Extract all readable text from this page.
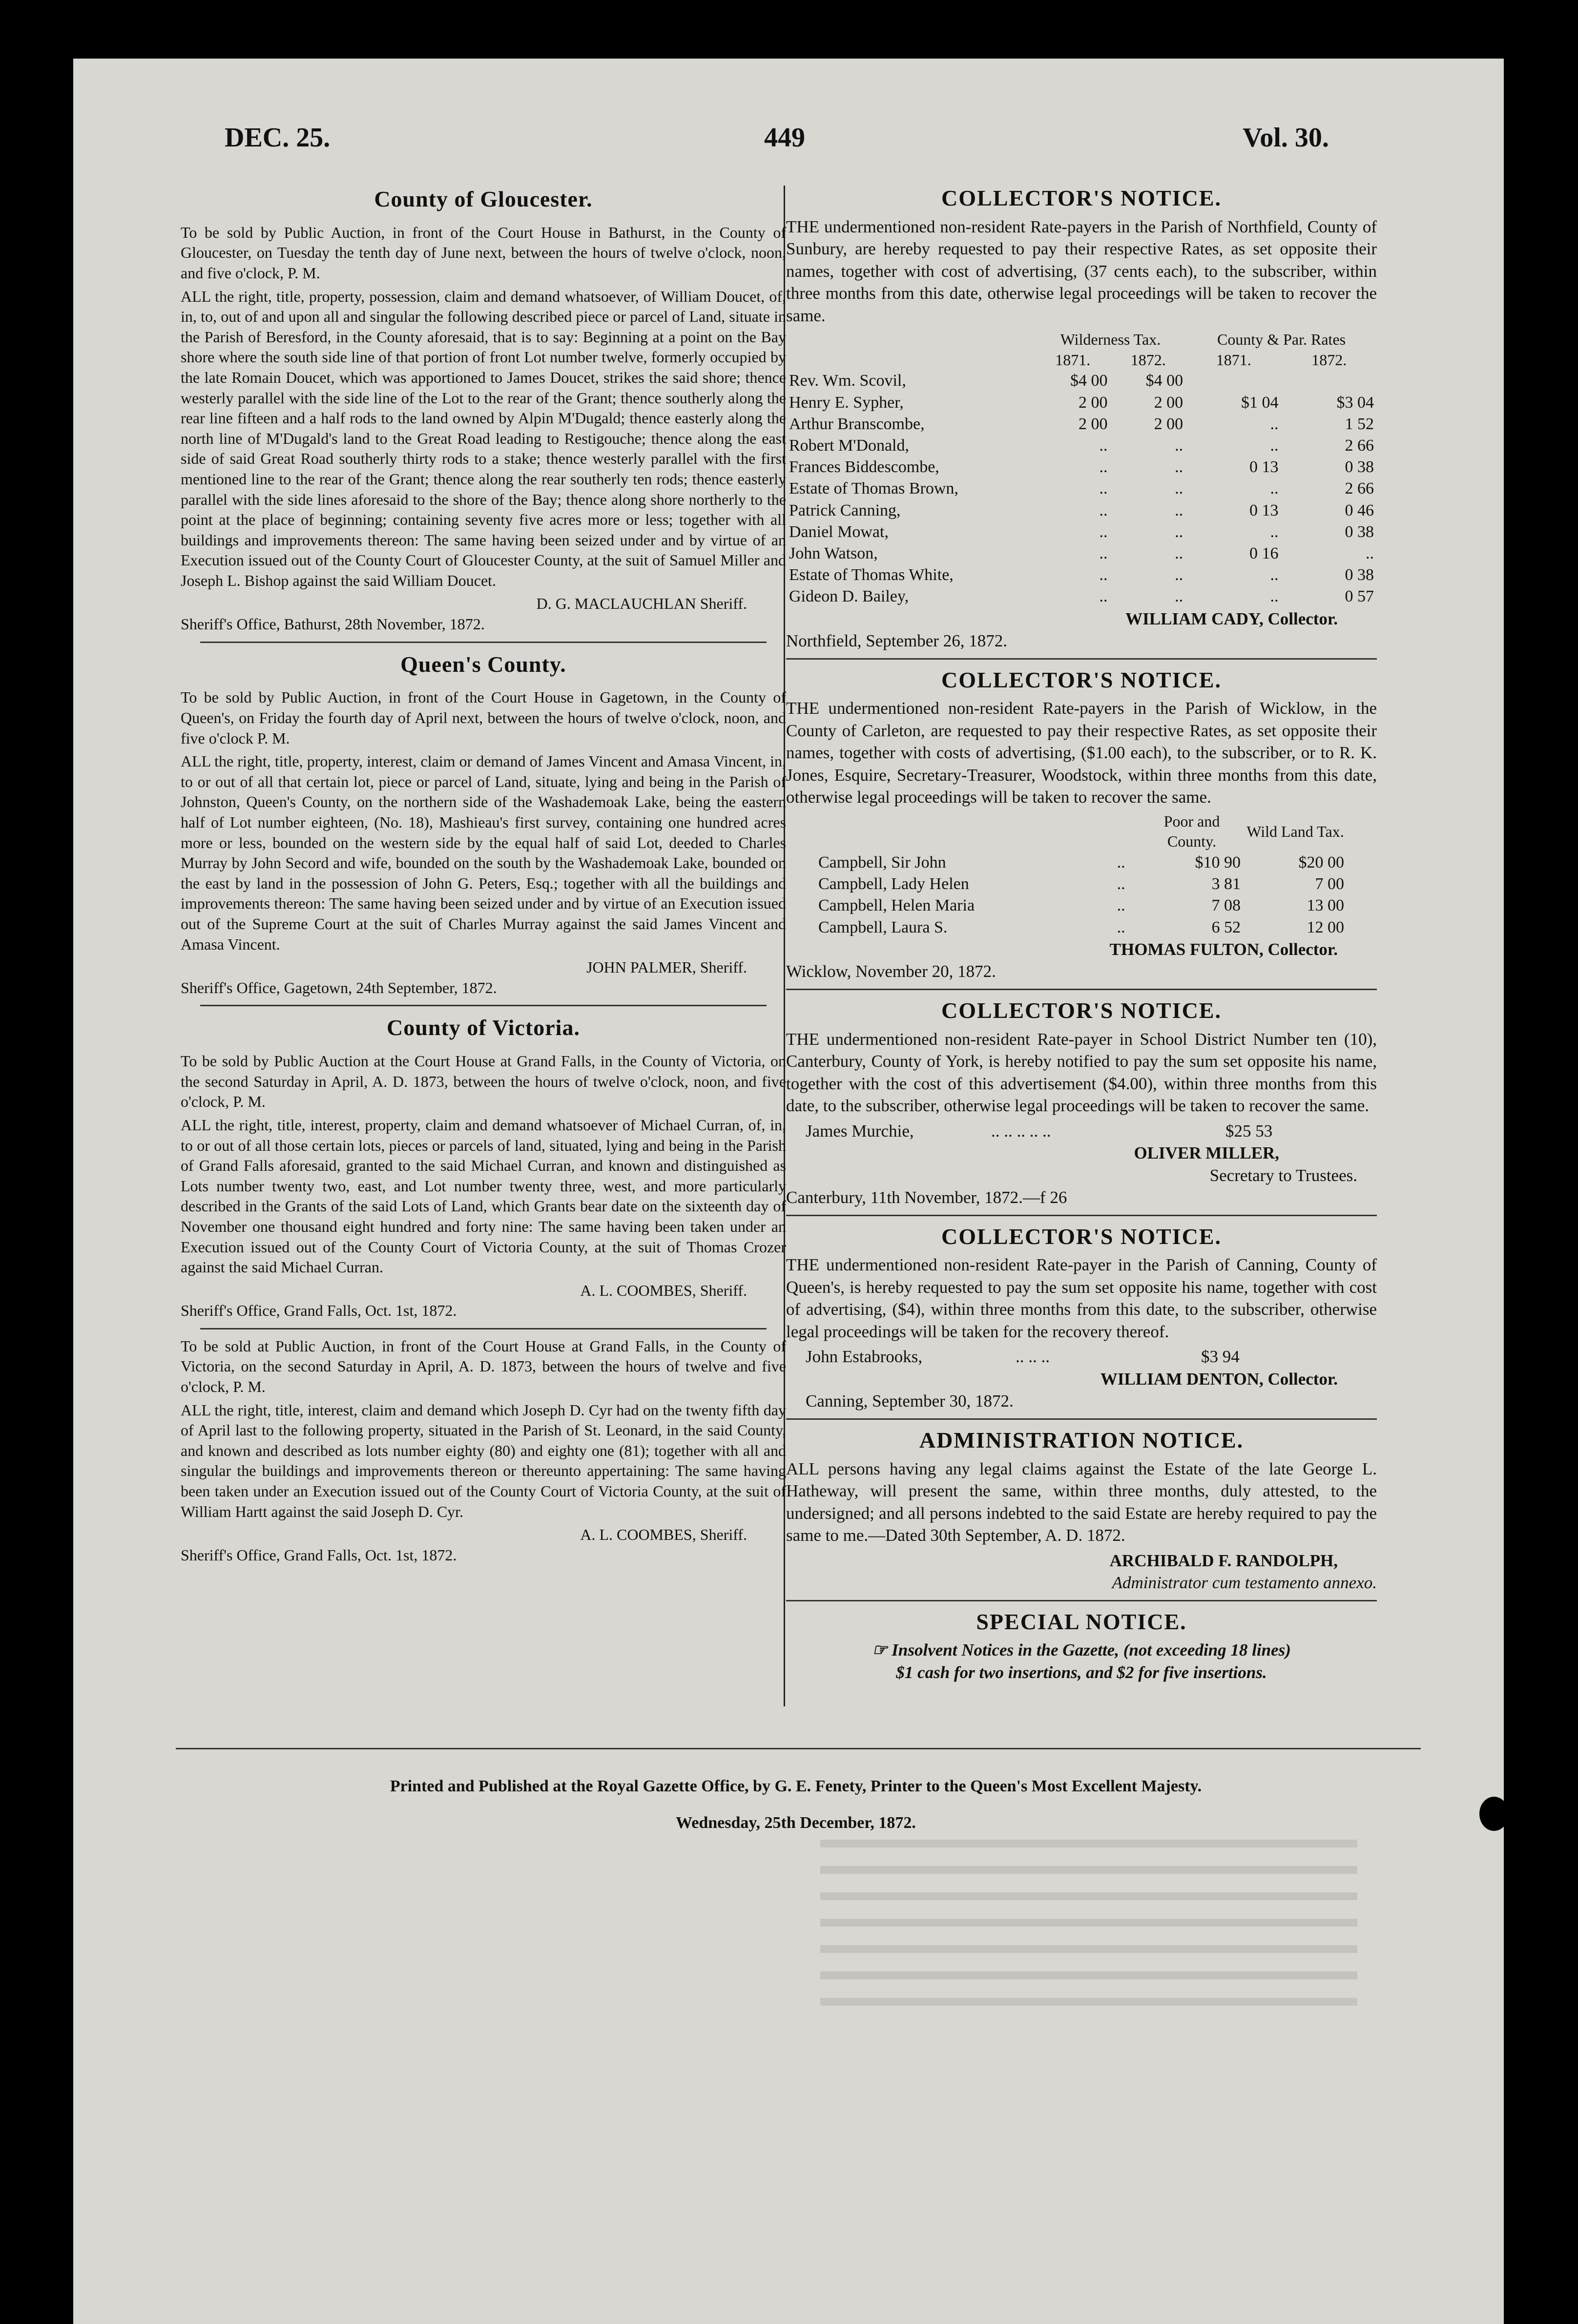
DEC. 25.	449	Vol. 30.
County of Gloucester.

To be sold by Public Auction, in front of the Court House in Bathurst, in the County of Gloucester, on Tuesday the tenth day of June next, between the hours of twelve o'clock, noon, and five o'clock, P. M.

ALL the right, title, property, possession, claim and demand whatsoever, of William Doucet, of, in, to, out of and upon all and singular the following described piece or parcel of Land, situate in the Parish of Beresford, in the County aforesaid, that is to say: Beginning at a point on the Bay shore where the south side line of that portion of front Lot number twelve, formerly occupied by the late Romain Doucet, which was apportioned to James Doucet, strikes the said shore; thence westerly parallel with the side line of the Lot to the rear of the Grant; thence southerly along the rear line fifteen and a half rods to the land owned by Alpin M'Dugald; thence easterly along the north line of M'Dugald's land to the Great Road leading to Restigouche; thence along the east side of said Great Road southerly thirty rods to a stake; thence westerly parallel with the first mentioned line to the rear of the Grant; thence along the rear southerly ten rods; thence easterly parallel with the side lines aforesaid to the shore of the Bay; thence along shore northerly to the point at the place of beginning; containing seventy five acres more or less; together with all buildings and improvements thereon: The same having been seized under and by virtue of an Execution issued out of the County Court of Gloucester County, at the suit of Samuel Miller and Joseph L. Bishop against the said William Doucet.

D. G. MACLAUCHLAN Sheriff.
Sheriff's Office, Bathurst, 28th November, 1872.
Queen's County.

To be sold by Public Auction, in front of the Court House in Gagetown, in the County of Queen's, on Friday the fourth day of April next, between the hours of twelve o'clock, noon, and five o'clock P. M.

ALL the right, title, property, interest, claim or demand of James Vincent and Amasa Vincent, in, to or out of all that certain lot, piece or parcel of Land, situate, lying and being in the Parish of Johnston, Queen's County, on the northern side of the Washademoak Lake, being the eastern half of Lot number eighteen, (No. 18), Mashieau's first survey, containing one hundred acres more or less, bounded on the western side by the equal half of said Lot, deeded to Charles Murray by John Secord and wife, bounded on the south by the Washademoak Lake, bounded on the east by land in the possession of John G. Peters, Esq.; together with all the buildings and improvements thereon: The same having been seized under and by virtue of an Execution issued out of the Supreme Court at the suit of Charles Murray against the said James Vincent and Amasa Vincent.

JOHN PALMER, Sheriff.
Sheriff's Office, Gagetown, 24th September, 1872.
County of Victoria.

To be sold by Public Auction at the Court House at Grand Falls, in the County of Victoria, on the second Saturday in April, A. D. 1873, between the hours of twelve o'clock, noon, and five o'clock, P. M.

ALL the right, title, interest, property, claim and demand whatsoever of Michael Curran, of, in, to or out of all those certain lots, pieces or parcels of land, situated, lying and being in the Parish of Grand Falls aforesaid, granted to the said Michael Curran, and known and distinguished as Lots number twenty two, east, and Lot number twenty three, west, and more particularly described in the Grants of the said Lots of Land, which Grants bear date on the sixteenth day of November one thousand eight hundred and forty nine: The same having been taken under an Execution issued out of the County Court of Victoria County, at the suit of Thomas Crozer against the said Michael Curran.

A. L. COOMBES, Sheriff.
Sheriff's Office, Grand Falls, Oct. 1st, 1872.

To be sold at Public Auction, in front of the Court House at Grand Falls, in the County of Victoria, on the second Saturday in April, A. D. 1873, between the hours of twelve and five o'clock, P. M.

ALL the right, title, interest, claim and demand which Joseph D. Cyr had on the twenty fifth day of April last to the following property, situated in the Parish of St. Leonard, in the said County, and known and described as lots number eighty (80) and eighty one (81); together with all and singular the buildings and improvements thereon or thereunto appertaining: The same having been taken under an Execution issued out of the County Court of Victoria County, at the suit of William Hartt against the said Joseph D. Cyr.

A. L. COOMBES, Sheriff.
Sheriff's Office, Grand Falls, Oct. 1st, 1872.
COLLECTOR'S NOTICE.

THE undermentioned non-resident Rate-payers in the Parish of Northfield, County of Sunbury, are hereby requested to pay their respective Rates, as set opposite their names, together with cost of advertising, (37 cents each), to the subscriber, within three months from this date, otherwise legal proceedings will be taken to recover the same.

	Wilderness Tax.		County & Par. Rates	
	1871.	1872.	1871.	1872.
Rev. Wm. Scovil,	$4 00	$4 00		
Henry E. Sypher,	2 00	2 00	$1 04	$3 04
Arthur Branscombe,	2 00	2 00	..	1 52
Robert M'Donald,	..	..	..	2 66
Frances Biddescombe,	..	..	0 13	0 38
Estate of Thomas Brown,	..	..	..	2 66
Patrick Canning,	..	..	0 13	0 46
Daniel Mowat,	..	..	..	0 38
John Watson,	..	..	0 16	..
Estate of Thomas White,	..	..	..	0 38
Gideon D. Bailey,	..	..	..	0 57
WILLIAM CADY, Collector.
Northfield, September 26, 1872.
COLLECTOR'S NOTICE.

THE undermentioned non-resident Rate-payers in the Parish of Wicklow, in the County of Carleton, are requested to pay their respective Rates, as set opposite their names, together with costs of advertising, ($1.00 each), to the subscriber, or to R. K. Jones, Esquire, Secretary-Treasurer, Woodstock, within three months from this date, otherwise legal proceedings will be taken to recover the same.

		Poor and County.	Wild Land Tax.
Campbell, Sir John	..	$10 90	$20 00
Campbell, Lady Helen	..	3 81	7 00
Campbell, Helen Maria	..	7 08	13 00
Campbell, Laura S.	..	6 52	12 00
THOMAS FULTON, Collector.
Wicklow, November 20, 1872.
COLLECTOR'S NOTICE.

THE undermentioned non-resident Rate-payer in School District Number ten (10), Canterbury, County of York, is hereby notified to pay the sum set opposite his name, together with the cost of this advertisement ($4.00), within three months from this date, to the subscriber, otherwise legal proceedings will be taken to recover the same.

James Murchie,	.. .. .. .. ..	$25 53
OLIVER MILLER,
Secretary to Trustees.
Canterbury, 11th November, 1872.—f 26
COLLECTOR'S NOTICE.

THE undermentioned non-resident Rate-payer in the Parish of Canning, County of Queen's, is hereby requested to pay the sum set opposite his name, together with cost of advertising, ($4), within three months from this date, to the subscriber, otherwise legal proceedings will be taken for the recovery thereof.

John Estabrooks,	.. .. ..	$3 94
WILLIAM DENTON, Collector.
Canning, September 30, 1872.
ADMINISTRATION NOTICE.

ALL persons having any legal claims against the Estate of the late George L. Hatheway, will present the same, within three months, duly attested, to the undersigned; and all persons indebted to the said Estate are hereby required to pay the same to me.—Dated 30th September, A. D. 1872.

ARCHIBALD F. RANDOLPH,
Administrator cum testamento annexo.
SPECIAL NOTICE.
☞ Insolvent Notices in the Gazette, (not exceeding 18 lines)
$1 cash for two insertions, and $2 for five insertions.
Printed and Published at the Royal Gazette Office, by G. E. Fenety, Printer to the Queen's Most Excellent Majesty.
Wednesday, 25th December, 1872.
